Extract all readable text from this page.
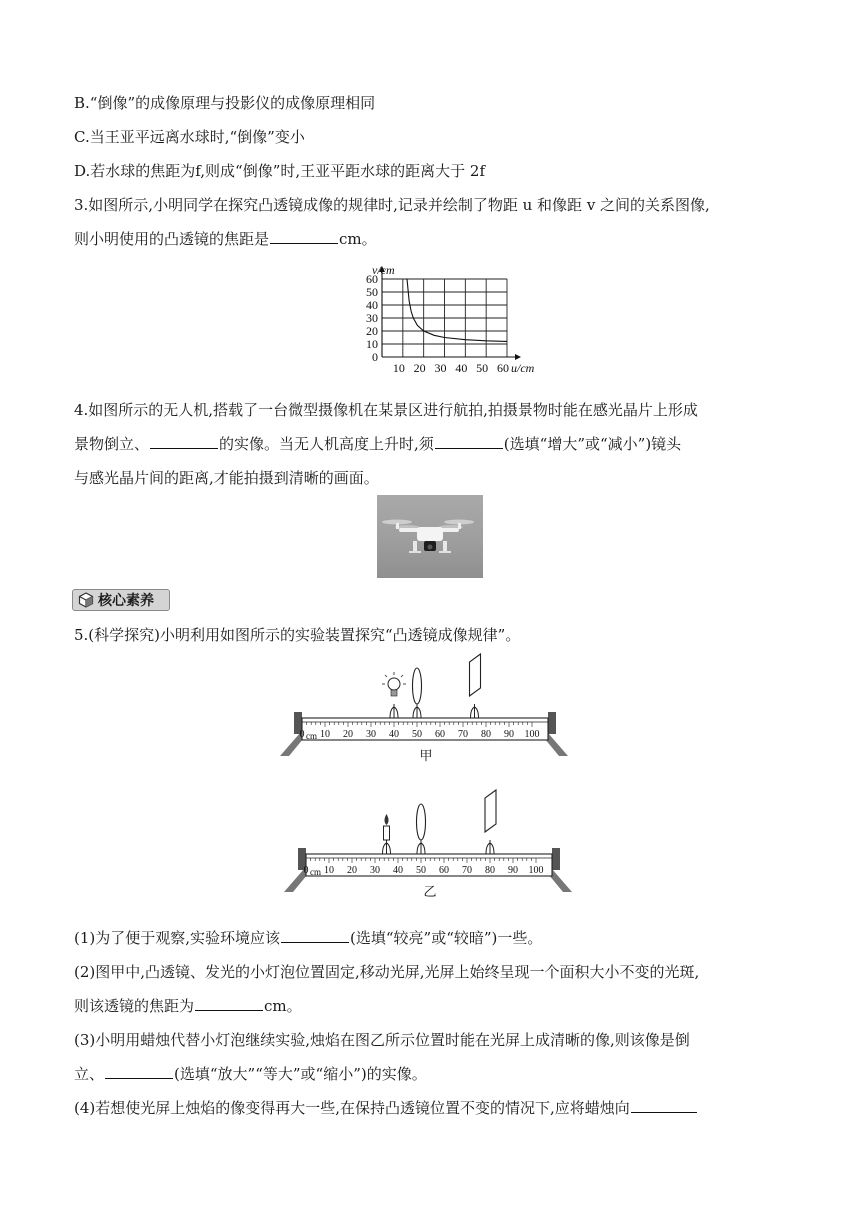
B.“倒像”的成像原理与投影仪的成像原理相同
C.当王亚平远离水球时,“倒像”变小
D.若水球的焦距为f,则成“倒像”时,王亚平距水球的距离大于 2f
3.如图所示,小明同学在探究凸透镜成像的规律时,记录并绘制了物距 u 和像距 v 之间的关系图像,
则小明使用的凸透镜的焦距是	cm。
0
10
20
30
40
50
60
10 20 30 40 50 60
v/cm
u/cm
4.如图所示的无人机,搭载了一台微型摄像机在某景区进行航拍,拍摄景物时能在感光晶片上形成
景物倒立、	的实像。当无人机高度上升时,须	(选填“增大”或“减小”)镜头
与感光晶片间的距离,才能拍摄到清晰的画面。
核心素养
5.(科学探究)小明利用如图所示的实验装置探究“凸透镜成像规律”。
0 10 20 30 40 50 60 70 80 90 100
cm
甲
0 10 20 30 40 50 60 70 80 90 100
cm
乙
(1)为了便于观察,实验环境应该	(选填“较亮”或“较暗”)一些。
(2)图甲中,凸透镜、发光的小灯泡位置固定,移动光屏,光屏上始终呈现一个面积大小不变的光斑,
则该透镜的焦距为	cm。
(3)小明用蜡烛代替小灯泡继续实验,烛焰在图乙所示位置时能在光屏上成清晰的像,则该像是倒
立、	(选填“放大”“等大”或“缩小”)的实像。
(4)若想使光屏上烛焰的像变得再大一些,在保持凸透镜位置不变的情况下,应将蜡烛向
